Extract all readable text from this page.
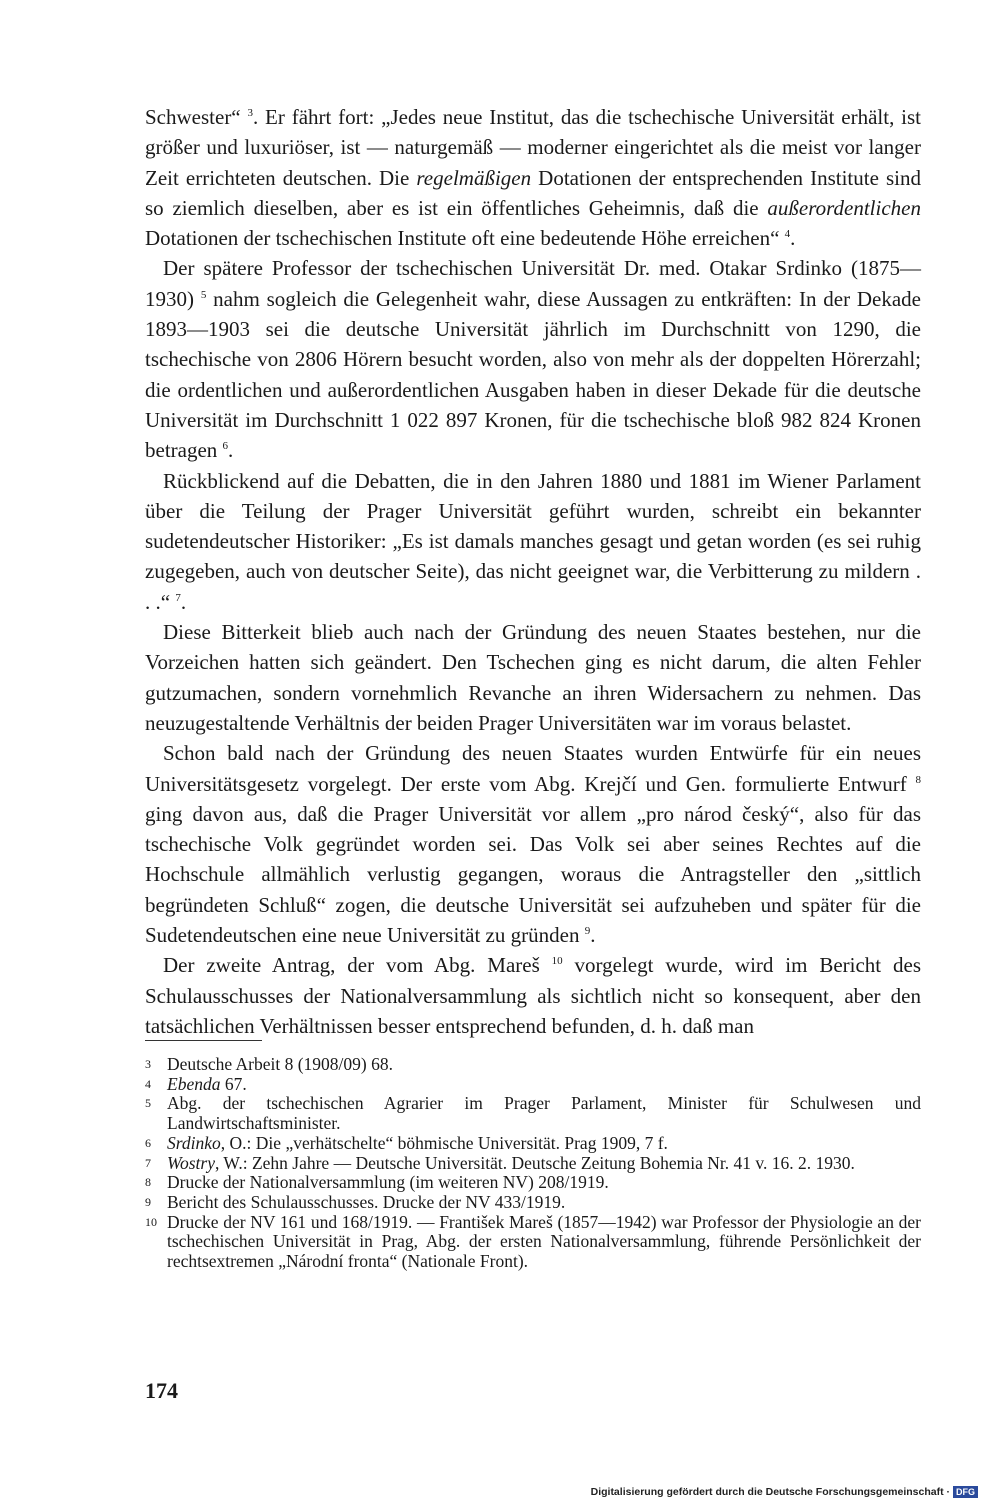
Schwester“ $^3$. Er fährt fort: „Jedes neue Institut, das die tschechische Universität erhält, ist größer und luxuriöser, ist — naturgemäß — moderner eingerichtet als die meist vor langer Zeit errichteten deutschen. Die regelmäßigen Dotationen der entsprechenden Institute sind so ziemlich dieselben, aber es ist ein öffentliches Geheimnis, daß die außerordentlichen Dotationen der tschechischen Institute oft eine bedeutende Höhe erreichen“ $^4$.

Der spätere Professor der tschechischen Universität Dr. med. Otakar Srdinko (1875—1930) $^5$ nahm sogleich die Gelegenheit wahr, diese Aussagen zu entkräften: In der Dekade 1893—1903 sei die deutsche Universität jährlich im Durchschnitt von 1290, die tschechische von 2806 Hörern besucht worden, also von mehr als der doppelten Hörerzahl; die ordentlichen und außerordentlichen Ausgaben haben in dieser Dekade für die deutsche Universität im Durchschnitt 1 022 897 Kronen, für die tschechische bloß 982 824 Kronen betragen $^6$.

Rückblickend auf die Debatten, die in den Jahren 1880 und 1881 im Wiener Parlament über die Teilung der Prager Universität geführt wurden, schreibt ein bekannter sudetendeutscher Historiker: „Es ist damals manches gesagt und getan worden (es sei ruhig zugegeben, auch von deutscher Seite), das nicht geeignet war, die Verbitterung zu mildern . . .“ $^7$.

Diese Bitterkeit blieb auch nach der Gründung des neuen Staates bestehen, nur die Vorzeichen hatten sich geändert. Den Tschechen ging es nicht darum, die alten Fehler gutzumachen, sondern vornehmlich Revanche an ihren Widersachern zu nehmen. Das neuzugestaltende Verhältnis der beiden Prager Universitäten war im voraus belastet.

Schon bald nach der Gründung des neuen Staates wurden Entwürfe für ein neues Universitätsgesetz vorgelegt. Der erste vom Abg. Krejčí und Gen. formulierte Entwurf $^8$ ging davon aus, daß die Prager Universität vor allem „pro národ český“, also für das tschechische Volk gegründet worden sei. Das Volk sei aber seines Rechtes auf die Hochschule allmählich verlustig gegangen, woraus die Antragsteller den „sittlich begründeten Schluß“ zogen, die deutsche Universität sei aufzuheben und später für die Sudetendeutschen eine neue Universität zu gründen $^9$.

Der zweite Antrag, der vom Abg. Mareš $^{10}$ vorgelegt wurde, wird im Bericht des Schulausschusses der Nationalversammlung als sichtlich nicht so konsequent, aber den tatsächlichen Verhältnissen besser entsprechend befunden, d. h. daß man

3 Deutsche Arbeit 8 (1908/09) 68.
4 Ebenda 67.
5 Abg. der tschechischen Agrarier im Prager Parlament, Minister für Schulwesen und Landwirtschaftsminister.
6 Srdinko, O.: Die „verhätschelte“ böhmische Universität. Prag 1909, 7 f.
7 Wostry, W.: Zehn Jahre — Deutsche Universität. Deutsche Zeitung Bohemia Nr. 41 v. 16. 2. 1930.
8 Drucke der Nationalversammlung (im weiteren NV) 208/1919.
9 Bericht des Schulausschusses. Drucke der NV 433/1919.
10 Drucke der NV 161 und 168/1919. — František Mareš (1857—1942) war Professor der Physiologie an der tschechischen Universität in Prag, Abg. der ersten Nationalversammlung, führende Persönlichkeit der rechtsextremen „Národní fronta“ (Nationale Front).
174
Digitalisierung gefördert durch die Deutsche Forschungsgemeinschaft · DFG
